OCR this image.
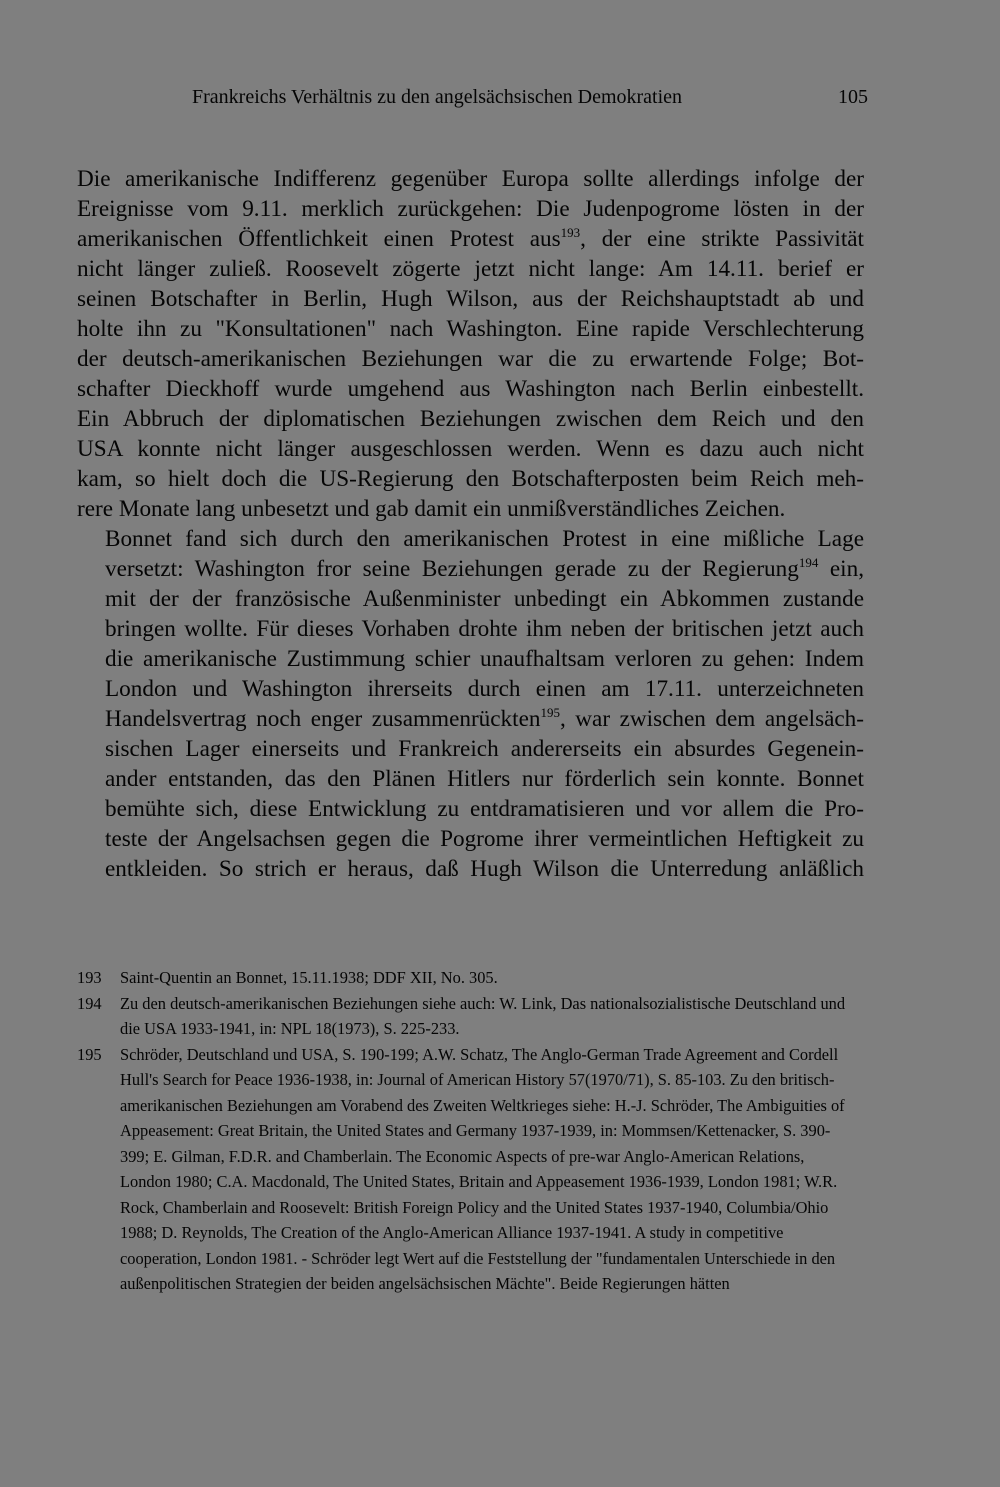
Frankreichs Verhältnis zu den angelsächsischen Demokratien	105

Die amerikanische Indifferenz gegenüber Europa sollte allerdings infolge der
Ereignisse vom 9.11. merklich zurückgehen: Die Judenpogrome lösten in der
amerikanischen Öffentlichkeit einen Protest aus$^{193}$, der eine strikte Passivität
nicht länger zuließ. Roosevelt zögerte jetzt nicht lange: Am 14.11. berief er
seinen Botschafter in Berlin, Hugh Wilson, aus der Reichshauptstadt ab und
holte ihn zu "Konsultationen" nach Washington. Eine rapide Verschlechterung
der deutsch-amerikanischen Beziehungen war die zu erwartende Folge; Bot-
schafter Dieckhoff wurde umgehend aus Washington nach Berlin einbestellt.
Ein Abbruch der diplomatischen Beziehungen zwischen dem Reich und den
USA konnte nicht länger ausgeschlossen werden. Wenn es dazu auch nicht
kam, so hielt doch die US-Regierung den Botschafterposten beim Reich meh-
rere Monate lang unbesetzt und gab damit ein unmißverständliches Zeichen.

Bonnet fand sich durch den amerikanischen Protest in eine mißliche Lage
versetzt: Washington fror seine Beziehungen gerade zu der Regierung$^{194}$ ein,
mit der der französische Außenminister unbedingt ein Abkommen zustande
bringen wollte. Für dieses Vorhaben drohte ihm neben der britischen jetzt auch
die amerikanische Zustimmung schier unaufhaltsam verloren zu gehen: Indem
London und Washington ihrerseits durch einen am 17.11. unterzeichneten
Handelsvertrag noch enger zusammenrückten$^{195}$, war zwischen dem angelsäch-
sischen Lager einerseits und Frankreich andererseits ein absurdes Gegenein-
ander entstanden, das den Plänen Hitlers nur förderlich sein konnte. Bonnet
bemühte sich, diese Entwicklung zu entdramatisieren und vor allem die Pro-
teste der Angelsachsen gegen die Pogrome ihrer vermeintlichen Heftigkeit zu
entkleiden. So strich er heraus, daß Hugh Wilson die Unterredung anläßlich

193	Saint-Quentin an Bonnet, 15.11.1938; DDF XII, No. 305.
194	Zu den deutsch-amerikanischen Beziehungen siehe auch: W. Link, Das nationalsozialistische Deutschland und die USA 1933-1941, in: NPL 18(1973), S. 225-233.
195	Schröder, Deutschland und USA, S. 190-199; A.W. Schatz, The Anglo-German Trade Agreement and Cordell Hull's Search for Peace 1936-1938, in: Journal of American History 57(1970/71), S. 85-103. Zu den britisch-amerikanischen Beziehungen am Vorabend des Zweiten Weltkrieges siehe: H.-J. Schröder, The Ambiguities of Appeasement: Great Britain, the United States and Germany 1937-1939, in: Mommsen/Kettenacker, S. 390-399; E. Gilman, F.D.R. and Chamberlain. The Economic Aspects of pre-war Anglo-American Relations, London 1980; C.A. Macdonald, The United States, Britain and Appeasement 1936-1939, London 1981; W.R. Rock, Chamberlain and Roosevelt: British Foreign Policy and the United States 1937-1940, Columbia/Ohio 1988; D. Reynolds, The Creation of the Anglo-American Alliance 1937-1941. A study in competitive cooperation, London 1981. - Schröder legt Wert auf die Feststellung der "fundamentalen Unterschiede in den außenpolitischen Strategien der beiden angelsächsischen Mächte". Beide Regierungen hätten
